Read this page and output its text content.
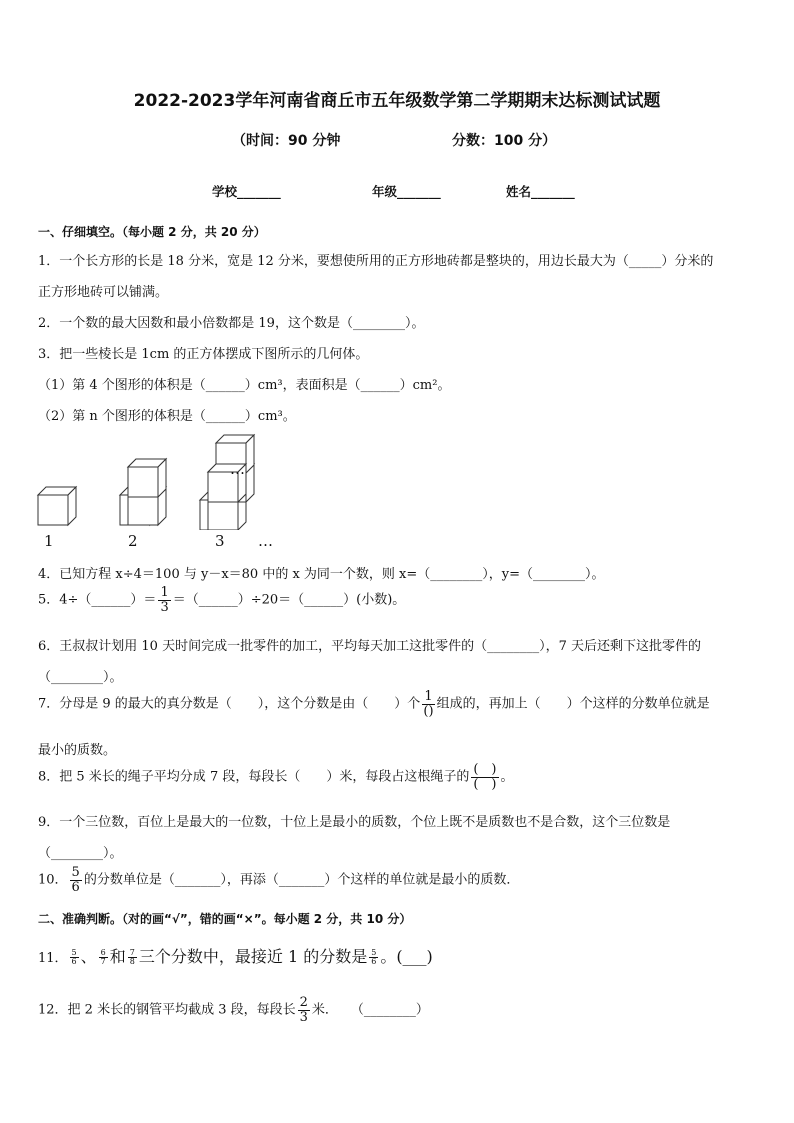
2022-2023学年河南省商丘市五年级数学第二学期期末达标测试试题
（时间：90 分钟	分数：100 分）
学校_______	年级_______	姓名_______
一、仔细填空。（每小题 2 分，共 20 分）
1．一个长方形的长是 18 分米，宽是 12 分米，要想使所用的正方形地砖都是整块的，用边长最大为（_____）分米的
正方形地砖可以铺满。
2．一个数的最大因数和最小倍数都是 19，这个数是（________）。
3．把一些棱长是 1cm 的正方体摆成下图所示的几何体。
（1）第 4 个图形的体积是（______）cm³，表面积是（______）cm²。
（2）第 n 个图形的体积是（______）cm³。
…
1	2	3 …
4．已知方程 x÷4＝100 与 y－x＝80 中的 x 为同一个数，则 x=（________），y=（________）。
5．4÷（______）＝ $\frac{1}{3}$ ＝（______）÷20＝（______）(小数)。
6．王叔叔计划用 10 天时间完成一批零件的加工，平均每天加工这批零件的（________），7 天后还剩下这批零件的
（________）。
7．分母是 9 的最大的真分数是（　　），这个分数是由（　　）个 $\frac{1}{()}$ 组成的，再加上（　　）个这样的分数单位就是
最小的质数。
8．把 5 米长的绳子平均分成 7 段，每段长（　　）米，每段占这根绳子的 $\frac{( )}{( )}$ 。
9．一个三位数，百位上是最大的一位数，十位上是最小的质数，个位上既不是质数也不是合数，这个三位数是
（________）。
10． $\frac{5}{6}$ 的分数单位是（_______），再添（_______）个这样的单位就是最小的质数．
二、准确判断。（对的画“√”，错的画“×”。每小题 2 分，共 10 分）
11． $\frac{5}{6}$ 、 $\frac{6}{7}$ 和 $\frac{7}{8}$ 三个分数中，最接近 1 的分数是 $\frac{5}{6}$ 。(___)
12．把 2 米长的钢管平均截成 3 段，每段长 $\frac{2}{3}$ 米．　　（________）
